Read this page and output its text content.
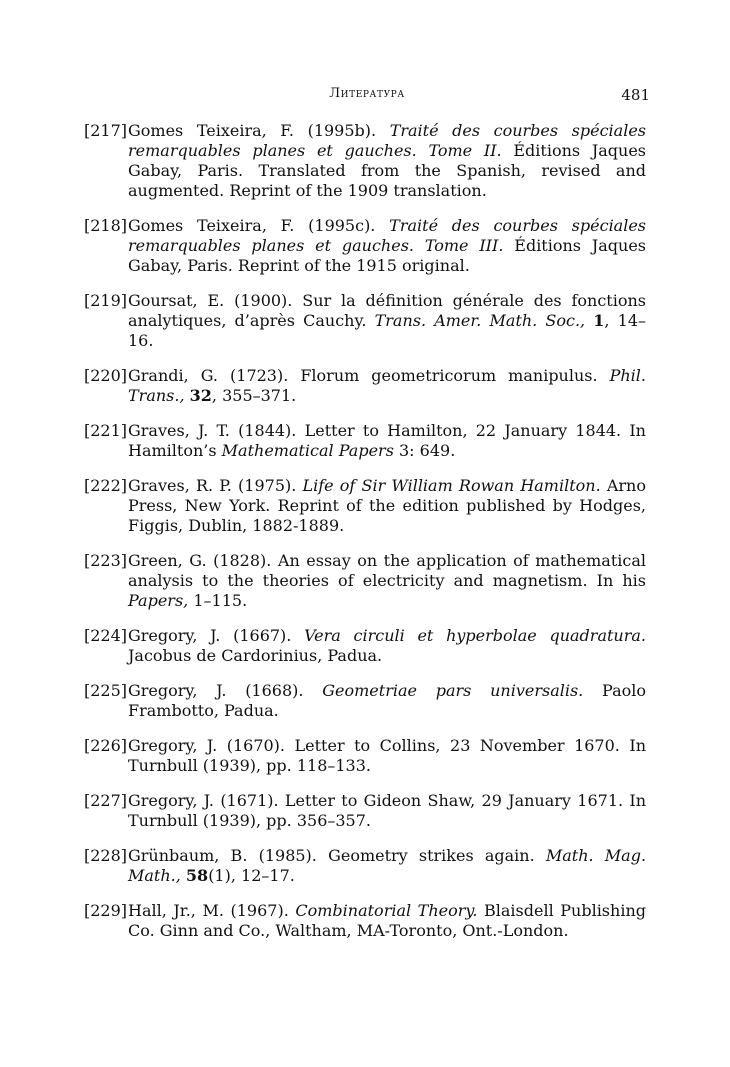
Литература	481
[217] Gomes Teixeira, F. (1995b). Traité des courbes spéciales remarquables planes et gauches. Tome II. Éditions Jaques Gabay, Paris. Translated from the Spanish, revised and augmented. Reprint of the 1909 translation.
[218] Gomes Teixeira, F. (1995c). Traité des courbes spéciales remarquables planes et gauches. Tome III. Éditions Jaques Gabay, Paris. Reprint of the 1915 original.
[219] Goursat, E. (1900). Sur la définition générale des fonctions analytiques, d’après Cauchy. Trans. Amer. Math. Soc., 1, 14–16.
[220] Grandi, G. (1723). Florum geometricorum manipulus. Phil. Trans., 32, 355–371.
[221] Graves, J. T. (1844). Letter to Hamilton, 22 January 1844. In Hamilton’s Mathematical Papers 3: 649.
[222] Graves, R. P. (1975). Life of Sir William Rowan Hamilton. Arno Press, New York. Reprint of the edition published by Hodges, Figgis, Dublin, 1882-1889.
[223] Green, G. (1828). An essay on the application of mathematical analysis to the theories of electricity and magnetism. In his Papers, 1–115.
[224] Gregory, J. (1667). Vera circuli et hyperbolae quadratura. Jacobus de Cardorinius, Padua.
[225] Gregory, J. (1668). Geometriae pars universalis. Paolo Frambotto, Padua.
[226] Gregory, J. (1670). Letter to Collins, 23 November 1670. In Turnbull (1939), pp. 118–133.
[227] Gregory, J. (1671). Letter to Gideon Shaw, 29 January 1671. In Turnbull (1939), pp. 356–357.
[228] Grünbaum, B. (1985). Geometry strikes again. Math. Mag. Math., 58(1), 12–17.
[229] Hall, Jr., M. (1967). Combinatorial Theory. Blaisdell Publishing Co. Ginn and Co., Waltham, MA-Toronto, Ont.-London.
